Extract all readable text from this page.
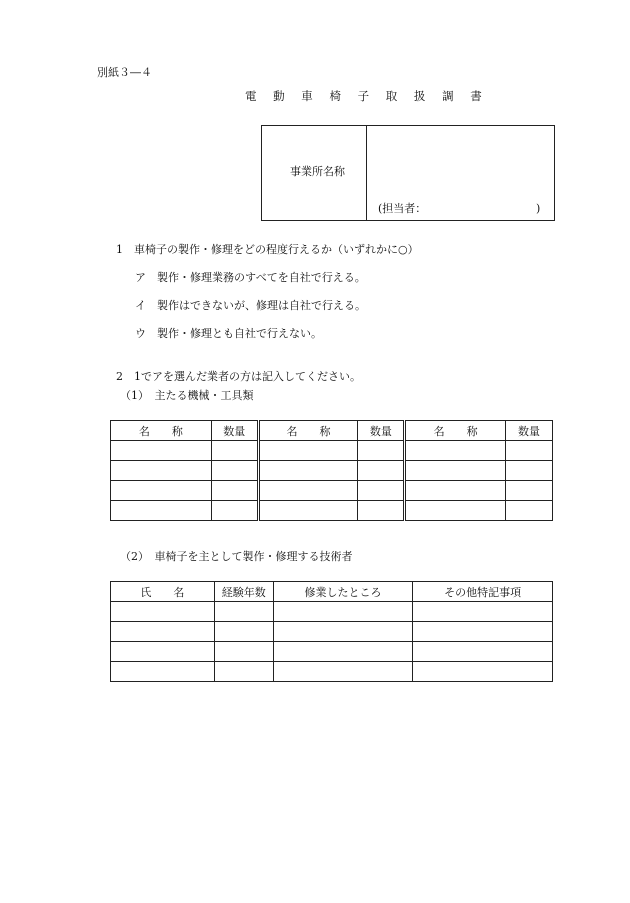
別紙３―４
電 動 車 椅 子 取 扱 調 書
事業所名称
(担当者：	)
1　車椅子の製作・修理をどの程度行えるか（いずれかに○）
ア　製作・修理業務のすべてを自社で行える。
イ　製作はできないが、修理は自社で行える。
ウ　製作・修理とも自社で行えない。
2　1でアを選んだ業者の方は記入してください。
（1）　主たる機械・工具類
名　　称	数量	名　　称	数量	名　　称	数量

（2）　車椅子を主として製作・修理する技術者
氏　　名	経験年数	修業したところ	その他特記事項
